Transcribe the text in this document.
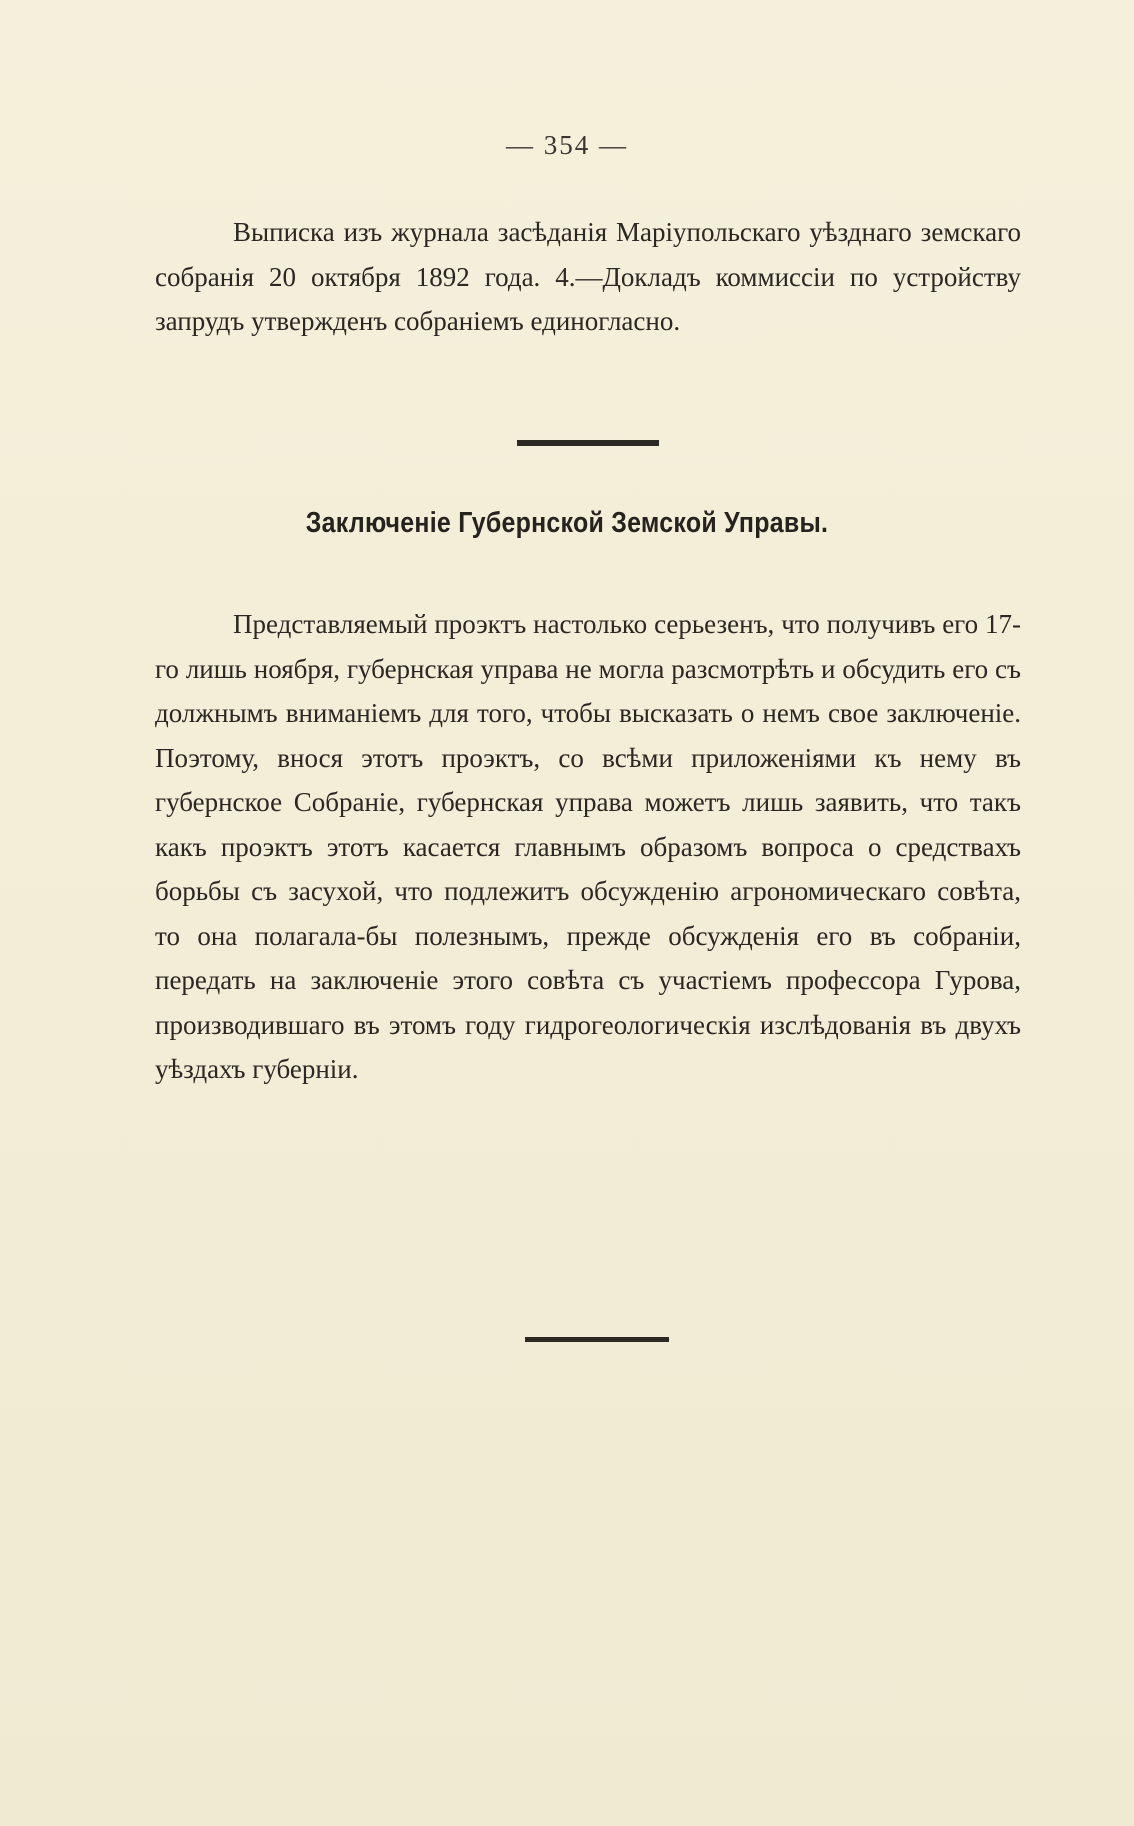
— 354 —

Выписка изъ журнала засѣданія Маріупольскаго уѣзднаго земскаго собранія 20 октября 1892 года. 4.—Докладъ коммиссіи по устройству запрудъ утвержденъ собраніемъ единогласно.

Заключеніе Губернской Земской Управы.

Представляемый проэктъ настолько серьезенъ, что получивъ его 17-го лишь ноября, губернская управа не могла разсмотрѣть и обсудить его съ должнымъ вниманіемъ для того, чтобы высказать о немъ свое заключеніе. Поэтому, внося этотъ проэктъ, со всѣми приложеніями къ нему въ губернское Собраніе, губернская управа можетъ лишь заявить, что такъ какъ проэктъ этотъ касается главнымъ образомъ вопроса о средствахъ борьбы съ засухой, что подлежитъ обсужденію агрономическаго совѣта, то она полагала-бы полезнымъ, прежде обсужденія его въ собраніи, передать на заключеніе этого совѣта съ участіемъ профессора Гурова, производившаго въ этомъ году гидрогеологическія изслѣдованія въ двухъ уѣздахъ губерніи.
